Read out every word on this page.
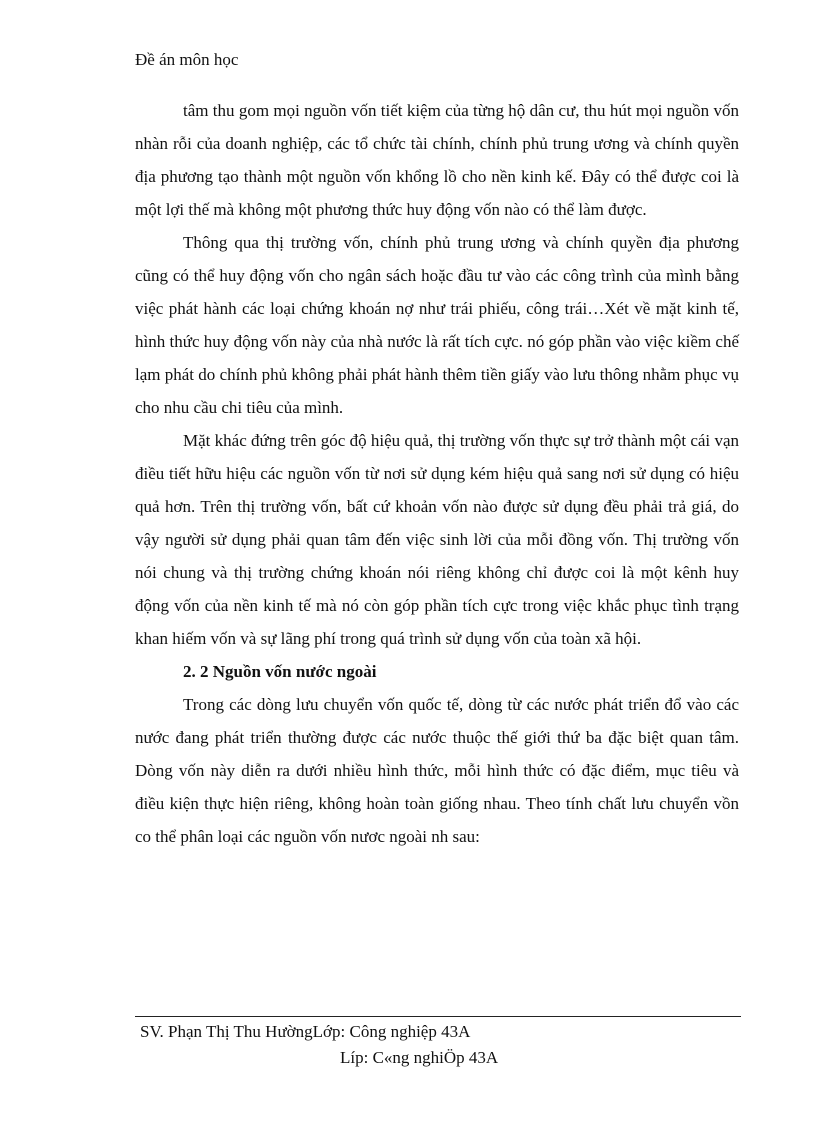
Đề án môn học

tâm thu gom mọi nguồn vốn tiết kiệm của từng hộ dân cư, thu hút mọi nguồn vốn nhàn rỗi của doanh nghiệp, các tổ chức tài chính, chính phủ trung ương và chính quyền địa phương tạo thành một nguồn vốn khổng lồ cho nền kinh kế. Đây có thể được coi là một lợi thế mà không một phương thức huy động vốn nào có thể làm được.

Thông qua thị trường vốn, chính phủ trung ương và chính quyền địa phương cũng có thể huy động vốn cho ngân sách hoặc đầu tư vào các công trình của mình bằng việc phát hành các loại chứng khoán nợ như trái phiếu, công trái…Xét về mặt kinh tế, hình thức huy động vốn này của nhà nước là rất tích cực. nó góp phần vào việc kiềm chế lạm phát do chính phủ không phải phát hành thêm tiền giấy vào lưu thông nhằm phục vụ cho nhu cầu chi tiêu của mình.

Mặt khác đứng trên góc độ hiệu quả, thị trường vốn thực sự trở thành một cái vạn điều tiết hữu hiệu các nguồn vốn từ nơi sử dụng kém hiệu quả sang nơi sử dụng có hiệu quả hơn. Trên thị trường vốn, bất cứ khoản vốn nào được sử dụng đều phải trả giá, do vậy người sử dụng phải quan tâm đến việc sinh lời của mỗi đồng vốn. Thị trường vốn nói chung và thị trường chứng khoán nói riêng không chỉ được coi là một kênh huy động vốn của nền kinh tế mà nó còn góp phần tích cực trong việc khắc phục tình trạng khan hiếm vốn và sự lãng phí trong quá trình sử dụng vốn của toàn xã hội.

2. 2 Nguồn vốn nước ngoài

Trong các dòng lưu chuyển vốn quốc tế, dòng từ các nước phát triển đổ vào các nước đang phát triển thường được các nước thuộc thế giới thứ ba đặc biệt quan tâm. Dòng vốn này diễn ra dưới nhiều hình thức, mỗi hình thức có đặc điểm, mục tiêu và điều kiện thực hiện riêng, không hoàn toàn giống nhau. Theo tính chất lưu chuyển vồn co thể phân loại các nguồn vốn nươc ngoài nh sau:

SV. Phạn Thị Thu HườngLớp: Công nghiệp 43A
Líp: C«ng nghiÖp 43A
